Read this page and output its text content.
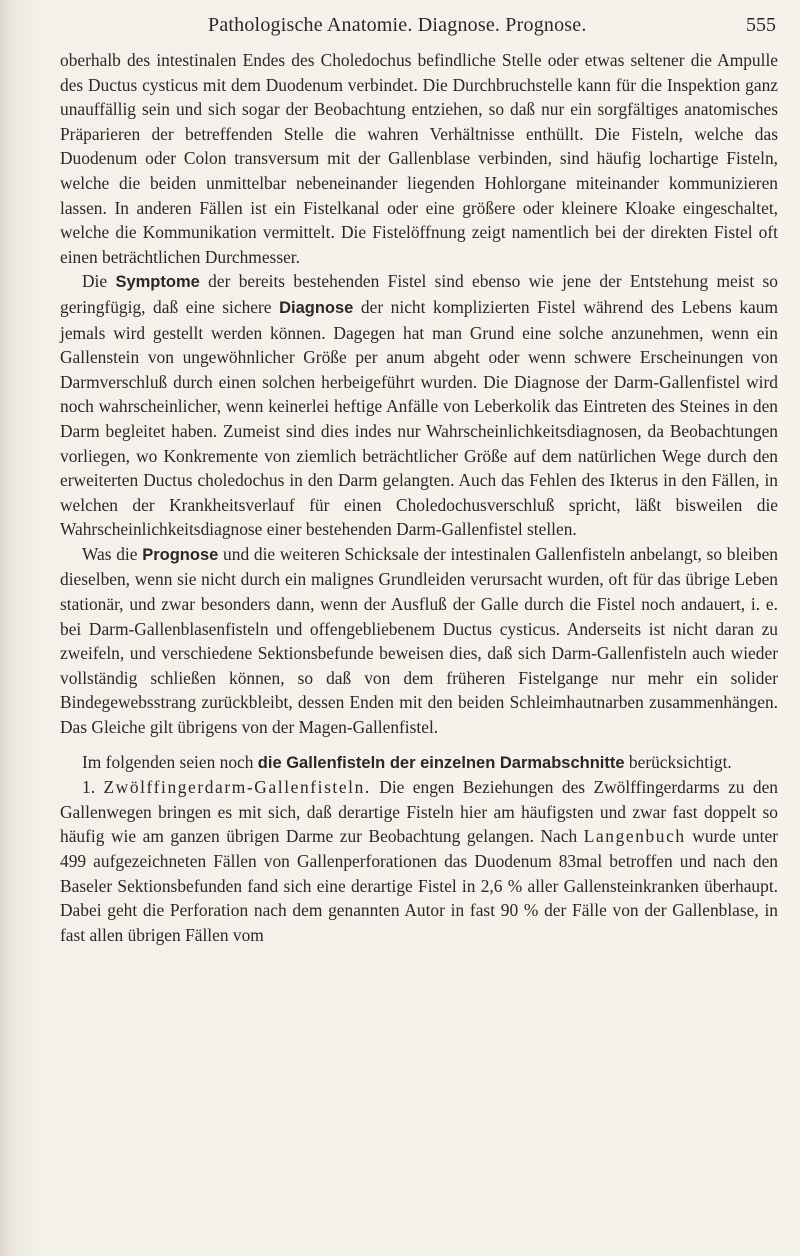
Pathologische Anatomie. Diagnose. Prognose.	555

oberhalb des intestinalen Endes des Choledochus befindliche Stelle oder etwas seltener die Ampulle des Ductus cysticus mit dem Duodenum verbindet. Die Durchbruchstelle kann für die Inspektion ganz unauffällig sein und sich sogar der Beobachtung entziehen, so daß nur ein sorgfältiges anatomisches Präparieren der betreffenden Stelle die wahren Verhältnisse enthüllt. Die Fisteln, welche das Duodenum oder Colon transversum mit der Gallenblase verbinden, sind häufig lochartige Fisteln, welche die beiden unmittelbar nebeneinander liegenden Hohlorgane miteinander kommunizieren lassen. In anderen Fällen ist ein Fistelkanal oder eine größere oder kleinere Kloake eingeschaltet, welche die Kommunikation vermittelt. Die Fistelöffnung zeigt namentlich bei der direkten Fistel oft einen beträchtlichen Durchmesser.

Die Symptome der bereits bestehenden Fistel sind ebenso wie jene der Entstehung meist so geringfügig, daß eine sichere Diagnose der nicht komplizierten Fistel während des Lebens kaum jemals wird gestellt werden können. Dagegen hat man Grund eine solche anzunehmen, wenn ein Gallenstein von ungewöhnlicher Größe per anum abgeht oder wenn schwere Erscheinungen von Darmverschluß durch einen solchen herbeigeführt wurden. Die Diagnose der Darm-Gallenfistel wird noch wahrscheinlicher, wenn keinerlei heftige Anfälle von Leberkolik das Eintreten des Steines in den Darm begleitet haben. Zumeist sind dies indes nur Wahrscheinlichkeitsdiagnosen, da Beobachtungen vorliegen, wo Konkremente von ziemlich beträchtlicher Größe auf dem natürlichen Wege durch den erweiterten Ductus choledochus in den Darm gelangten. Auch das Fehlen des Ikterus in den Fällen, in welchen der Krankheitsverlauf für einen Choledochusverschluß spricht, läßt bisweilen die Wahrscheinlichkeitsdiagnose einer bestehenden Darm-Gallenfistel stellen.

Was die Prognose und die weiteren Schicksale der intestinalen Gallenfisteln anbelangt, so bleiben dieselben, wenn sie nicht durch ein malignes Grundleiden verursacht wurden, oft für das übrige Leben stationär, und zwar besonders dann, wenn der Ausfluß der Galle durch die Fistel noch andauert, i. e. bei Darm-Gallenblasenfisteln und offengebliebenem Ductus cysticus. Anderseits ist nicht daran zu zweifeln, und verschiedene Sektionsbefunde beweisen dies, daß sich Darm-Gallenfisteln auch wieder vollständig schließen können, so daß von dem früheren Fistelgange nur mehr ein solider Bindegewebsstrang zurückbleibt, dessen Enden mit den beiden Schleimhautnarben zusammenhängen. Das Gleiche gilt übrigens von der Magen-Gallenfistel.

Im folgenden seien noch die Gallenfisteln der einzelnen Darmabschnitte berücksichtigt.

1. Zwölffingerdarm-Gallenfisteln. Die engen Beziehungen des Zwölffingerdarms zu den Gallenwegen bringen es mit sich, daß derartige Fisteln hier am häufigsten und zwar fast doppelt so häufig wie am ganzen übrigen Darme zur Beobachtung gelangen. Nach Langenbuch wurde unter 499 aufgezeichneten Fällen von Gallenperforationen das Duodenum 83mal betroffen und nach den Baseler Sektionsbefunden fand sich eine derartige Fistel in 2,6 % aller Gallensteinkranken überhaupt. Dabei geht die Perforation nach dem genannten Autor in fast 90 % der Fälle von der Gallenblase, in fast allen übrigen Fällen vom
